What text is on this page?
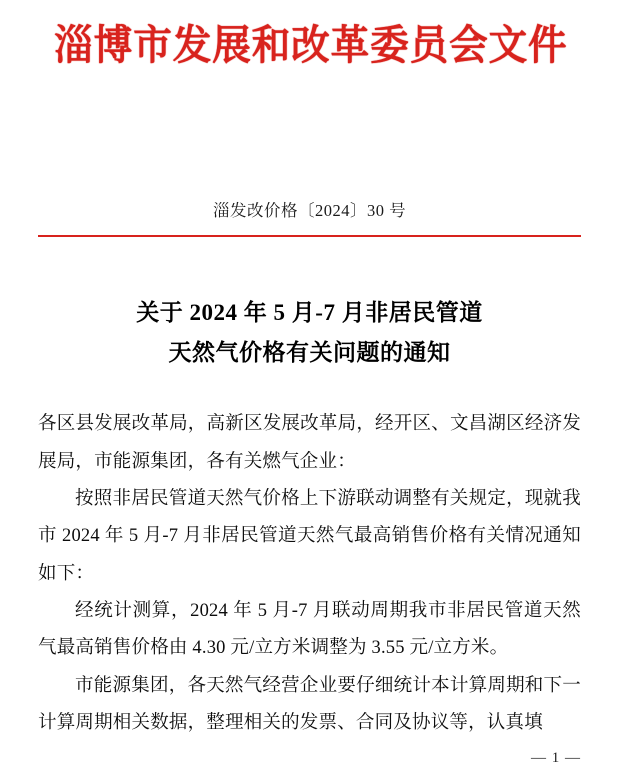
淄博市发展和改革委员会文件
淄发改价格〔2024〕30 号
关于 2024 年 5 月-7 月非居民管道
天然气价格有关问题的通知

各区县发展改革局，高新区发展改革局，经开区、文昌湖区经济发展局，市能源集团，各有关燃气企业：

按照非居民管道天然气价格上下游联动调整有关规定，现就我市 2024 年 5 月-7 月非居民管道天然气最高销售价格有关情况通知如下：

经统计测算，2024 年 5 月-7 月联动周期我市非居民管道天然气最高销售价格由 4.30 元/立方米调整为 3.55 元/立方米。

市能源集团，各天然气经营企业要仔细统计本计算周期和下一计算周期相关数据，整理相关的发票、合同及协议等，认真填

— 1 —
